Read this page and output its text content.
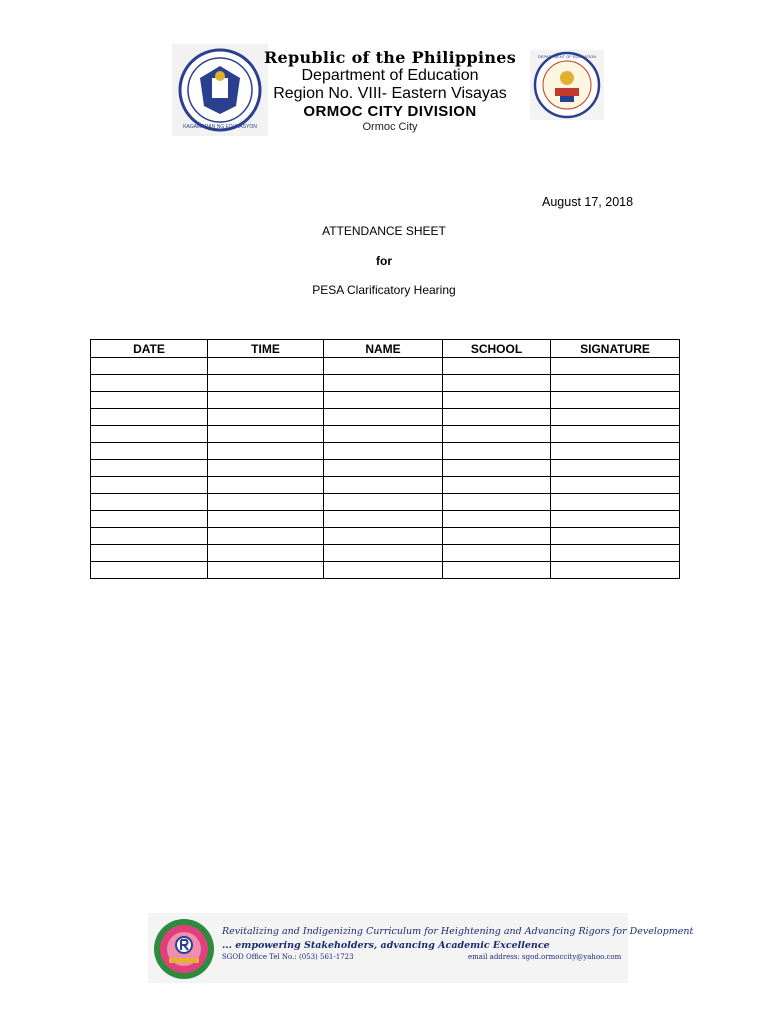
KAGAWARAN NG EDUKASYON
DEPARTMENT OF EDUCATION
Republic of the Philippines
Department of Education
Region No. VIII- Eastern Visayas
ORMOC CITY DIVISION
Ormoc City
August 17, 2018
ATTENDANCE SHEET
for
PESA Clarificatory Hearing
DATE	TIME	NAME	SCHOOL	SIGNATURE

Revitalizing and Indigenizing Curriculum for Heightening and Advancing Rigors for Development
... empowering Stakeholders, advancing Academic Excellence
SGOD Office Tel No.: (053) 561-1723	email address: sgod.ormoccity@yahoo.com
